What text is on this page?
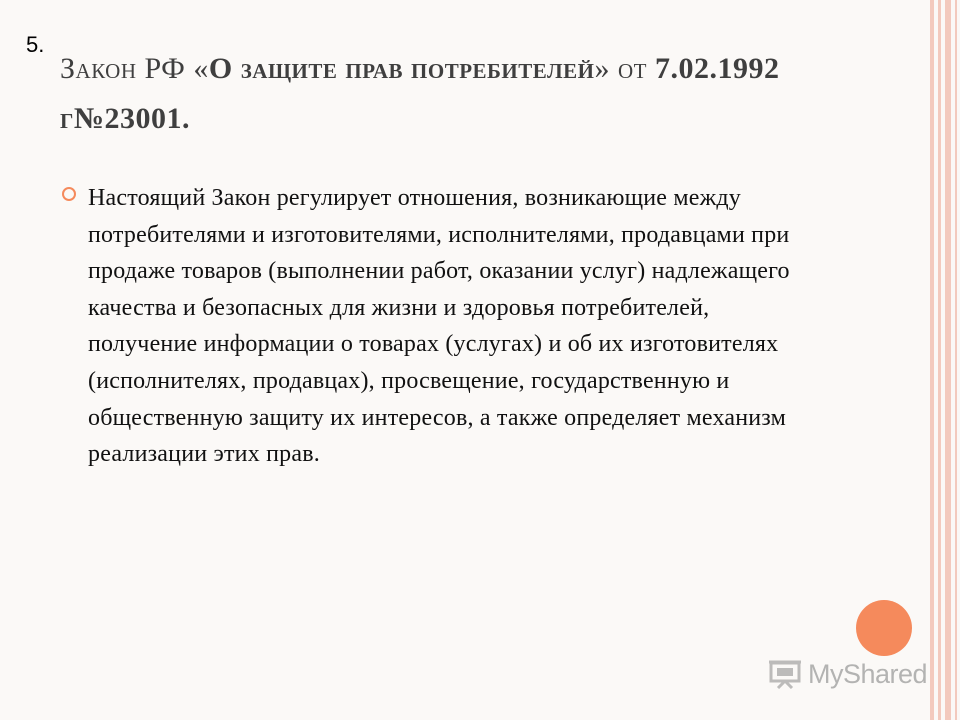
5.
Закон РФ «О защите прав потребителей» от 7.02.1992 г№23001.
Настоящий Закон регулирует отношения, возникающие между потребителями и изготовителями, исполнителями, продавцами при продаже товаров (выполнении работ, оказании услуг) надлежащего качества и безопасных для жизни и здоровья потребителей, получение информации о товарах (услугах) и об их изготовителях (исполнителях, продавцах), просвещение, государственную и общественную защиту их интересов, а также определяет механизм реализации этих прав.
MyShared
